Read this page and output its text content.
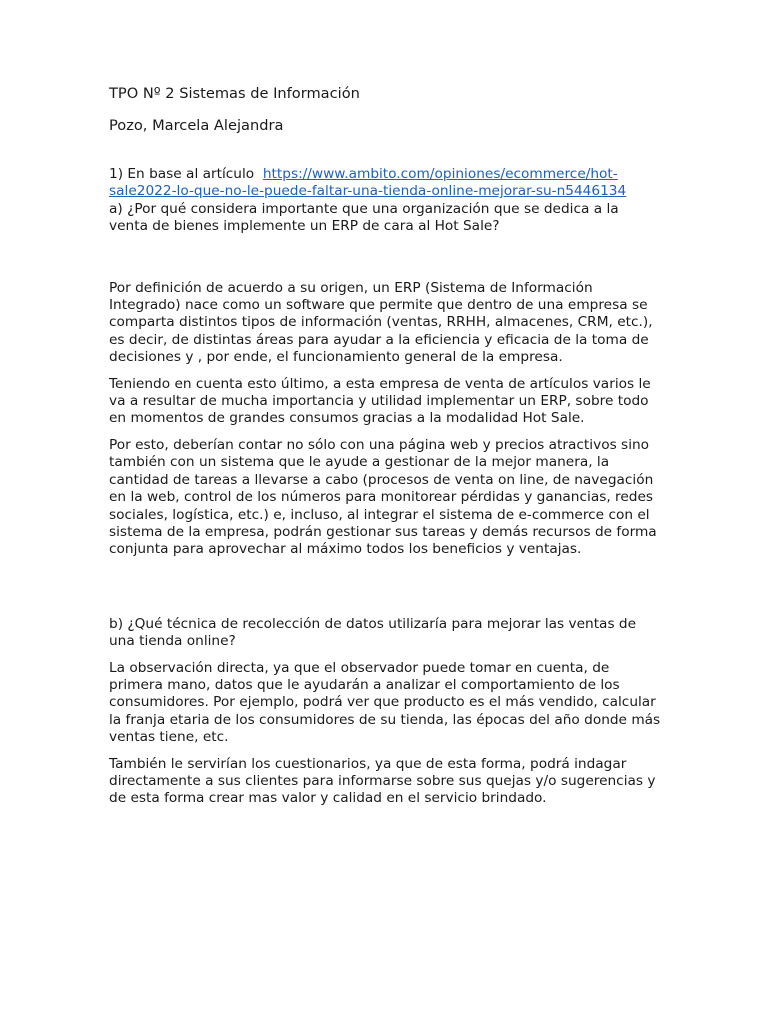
TPO Nº 2 Sistemas de Información

Pozo, Marcela Alejandra

1) En base al artículo https://www.ambito.com/opiniones/ecommerce/hot-sale2022-lo-que-no-le-puede-faltar-una-tienda-online-mejorar-su-n5446134

a) ¿Por qué considera importante que una organización que se dedica a la venta de bienes implemente un ERP de cara al Hot Sale?

Por definición de acuerdo a su origen, un ERP (Sistema de Información Integrado) nace como un software que permite que dentro de una empresa se comparta distintos tipos de información (ventas, RRHH, almacenes, CRM, etc.), es decir, de distintas áreas para ayudar a la eficiencia y eficacia de la toma de decisiones y , por ende, el funcionamiento general de la empresa.

Teniendo en cuenta esto último, a esta empresa de venta de artículos varios le va a resultar de mucha importancia y utilidad implementar un ERP, sobre todo en momentos de grandes consumos gracias a la modalidad Hot Sale.

Por esto, deberían contar no sólo con una página web y precios atractivos sino también con un sistema que le ayude a gestionar de la mejor manera, la cantidad de tareas a llevarse a cabo (procesos de venta on line, de navegación en la web, control de los números para monitorear pérdidas y ganancias, redes sociales, logística, etc.) e, incluso, al integrar el sistema de e-commerce con el sistema de la empresa, podrán gestionar sus tareas y demás recursos de forma conjunta para aprovechar al máximo todos los beneficios y ventajas.

b) ¿Qué técnica de recolección de datos utilizaría para mejorar las ventas de una tienda online?

La observación directa, ya que el observador puede tomar en cuenta, de primera mano, datos que le ayudarán a analizar el comportamiento de los consumidores. Por ejemplo, podrá ver que producto es el más vendido, calcular la franja etaria de los consumidores de su tienda, las épocas del año donde más ventas tiene, etc.

También le servirían los cuestionarios, ya que de esta forma, podrá indagar directamente a sus clientes para informarse sobre sus quejas y/o sugerencias y de esta forma crear mas valor y calidad en el servicio brindado.
